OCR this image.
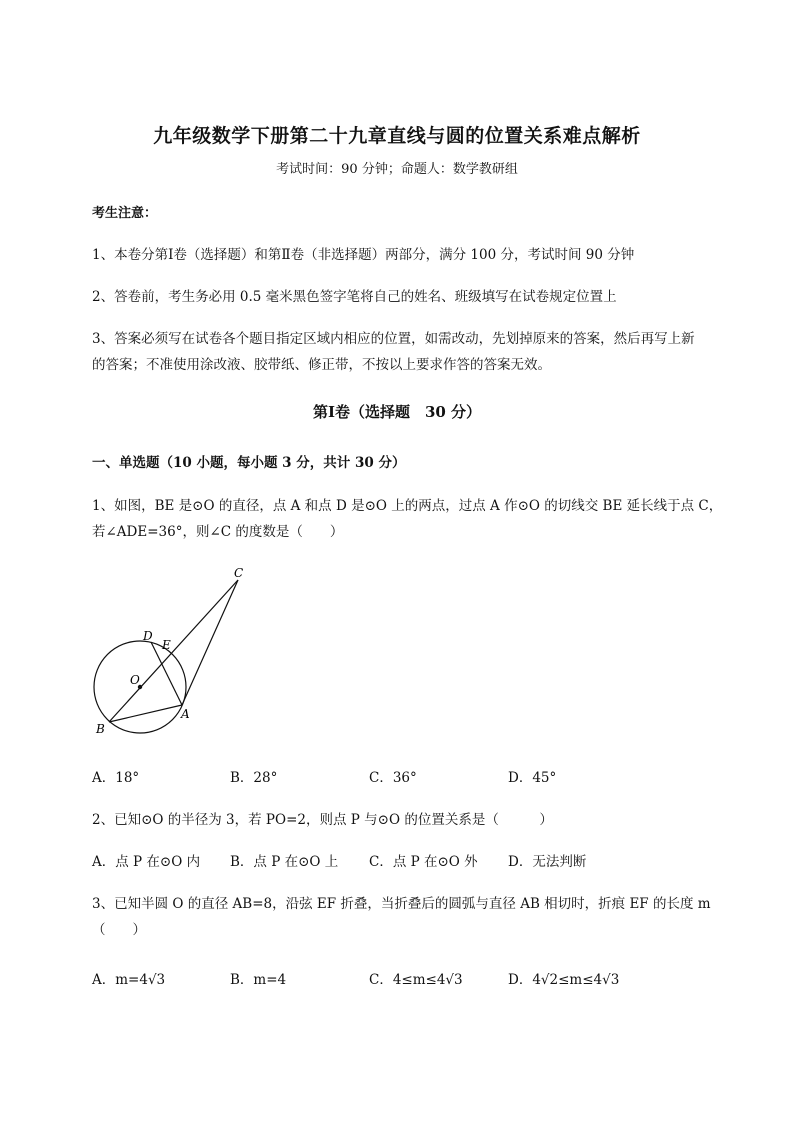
九年级数学下册第二十九章直线与圆的位置关系难点解析
考试时间：90 分钟；命题人：数学教研组
考生注意：
1、本卷分第Ⅰ卷（选择题）和第Ⅱ卷（非选择题）两部分，满分 100 分，考试时间 90 分钟
2、答卷前，考生务必用 0.5 毫米黑色签字笔将自己的姓名、班级填写在试卷规定位置上
3、答案必须写在试卷各个题目指定区域内相应的位置，如需改动，先划掉原来的答案，然后再写上新
的答案；不准使用涂改液、胶带纸、修正带，不按以上要求作答的答案无效。
第Ⅰ卷（选择题　30 分）
一、单选题（10 小题，每小题 3 分，共计 30 分）
1、如图，BE 是⊙O 的直径，点 A 和点 D 是⊙O 上的两点，过点 A 作⊙O 的切线交 BE 延长线于点 C，
若∠ADE=36°，则∠C 的度数是（　　）
C
D
E
O
B
A
A．18°	B．28°	C．36°	D．45°
2、已知⊙O 的半径为 3，若 PO=2，则点 P 与⊙O 的位置关系是（　　　）
A．点 P 在⊙O 内 B．点 P 在⊙O 上 C．点 P 在⊙O 外 D．无法判断
3、已知半圆 O 的直径 AB=8，沿弦 EF 折叠，当折叠后的圆弧与直径 AB 相切时，折痕 EF 的长度 m
（　　）
A．m=4√3	B．m=4	C．4≤m≤4√3	D．4√2≤m≤4√3
